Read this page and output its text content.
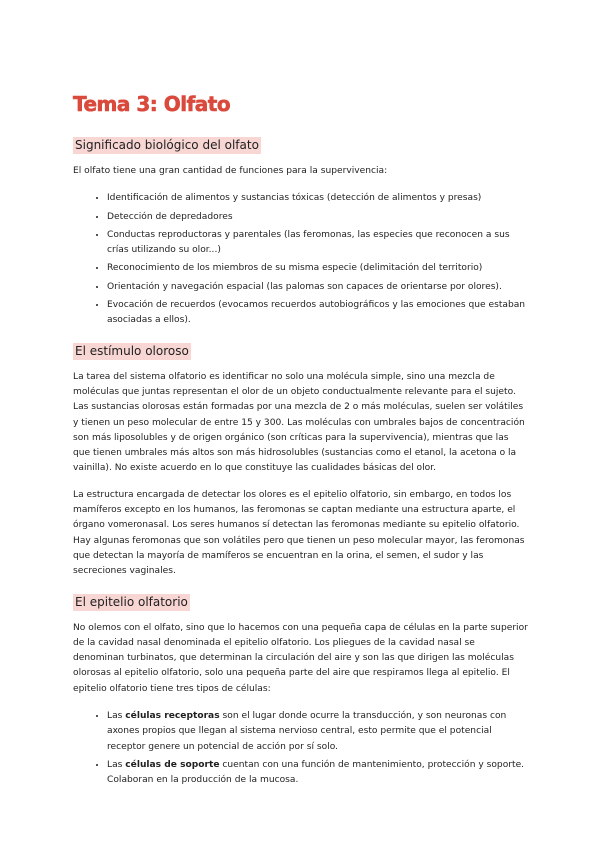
Tema 3: Olfato
Significado biológico del olfato

El olfato tiene una gran cantidad de funciones para la supervivencia:

• Identificación de alimentos y sustancias tóxicas (detección de alimentos y presas)
• Detección de depredadores
• Conductas reproductoras y parentales (las feromonas, las especies que reconocen a sus crías utilizando su olor...)
• Reconocimiento de los miembros de su misma especie (delimitación del territorio)
• Orientación y navegación espacial (las palomas son capaces de orientarse por olores).
• Evocación de recuerdos (evocamos recuerdos autobiográficos y las emociones que estaban asociadas a ellos).
El estímulo oloroso

La tarea del sistema olfatorio es identificar no solo una molécula simple, sino una mezcla de moléculas que juntas representan el olor de un objeto conductualmente relevante para el sujeto. Las sustancias olorosas están formadas por una mezcla de 2 o más moléculas, suelen ser volátiles y tienen un peso molecular de entre 15 y 300. Las moléculas con umbrales bajos de concentración son más liposolubles y de origen orgánico (son críticas para la supervivencia), mientras que las que tienen umbrales más altos son más hidrosolubles (sustancias como el etanol, la acetona o la vainilla). No existe acuerdo en lo que constituye las cualidades básicas del olor.

La estructura encargada de detectar los olores es el epitelio olfatorio, sin embargo, en todos los mamíferos excepto en los humanos, las feromonas se captan mediante una estructura aparte, el órgano vomeronasal. Los seres humanos sí detectan las feromonas mediante su epitelio olfatorio. Hay algunas feromonas que son volátiles pero que tienen un peso molecular mayor, las feromonas que detectan la mayoría de mamíferos se encuentran en la orina, el semen, el sudor y las secreciones vaginales.

El epitelio olfatorio

No olemos con el olfato, sino que lo hacemos con una pequeña capa de células en la parte superior de la cavidad nasal denominada el epitelio olfatorio. Los pliegues de la cavidad nasal se denominan turbinatos, que determinan la circulación del aire y son las que dirigen las moléculas olorosas al epitelio olfatorio, solo una pequeña parte del aire que respiramos llega al epitelio. El epitelio olfatorio tiene tres tipos de células:

• Las células receptoras son el lugar donde ocurre la transducción, y son neuronas con axones propios que llegan al sistema nervioso central, esto permite que el potencial receptor genere un potencial de acción por sí solo.
• Las células de soporte cuentan con una función de mantenimiento, protección y soporte. Colaboran en la producción de la mucosa.
